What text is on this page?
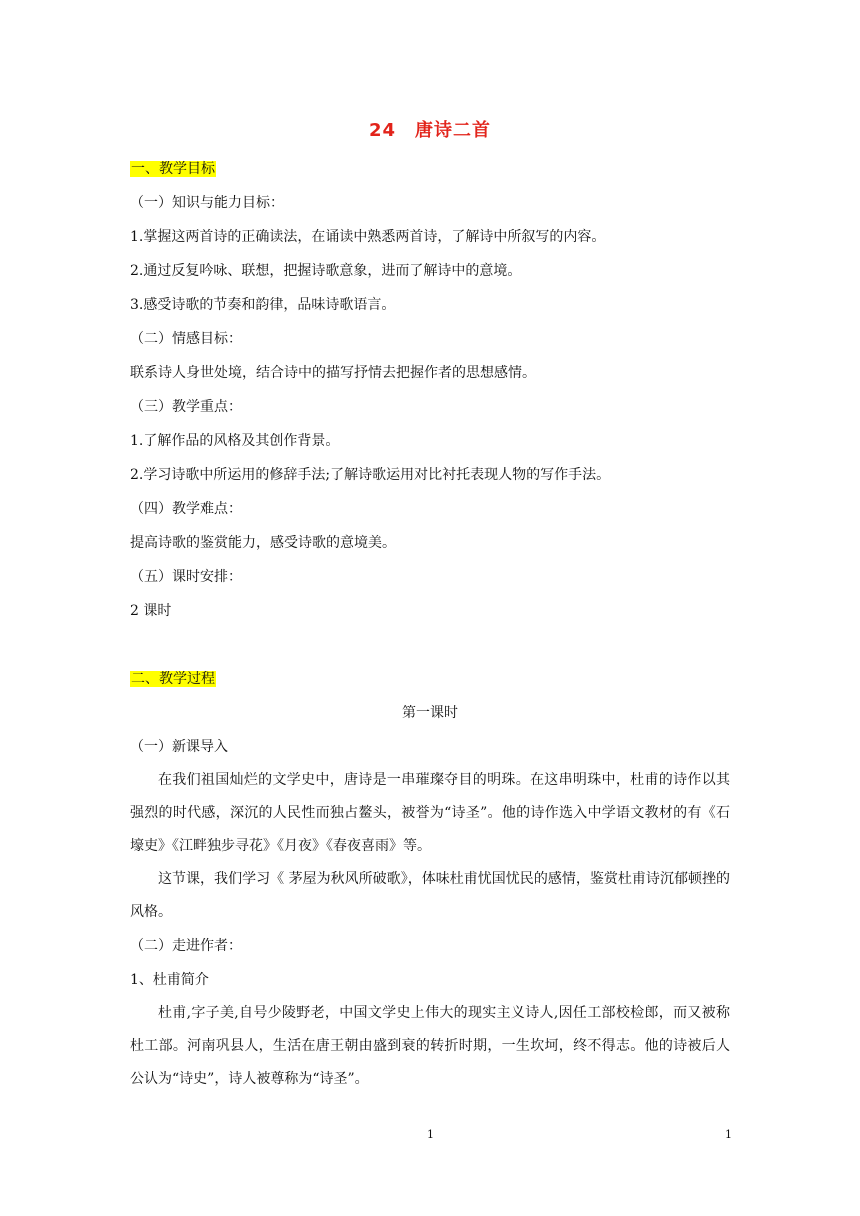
24　唐诗二首
一、教学目标
（一）知识与能力目标：
1.掌握这两首诗的正确读法，在诵读中熟悉两首诗，了解诗中所叙写的内容。
2.通过反复吟咏、联想，把握诗歌意象，进而了解诗中的意境。
3.感受诗歌的节奏和韵律，品味诗歌语言。
（二）情感目标：
联系诗人身世处境，结合诗中的描写抒情去把握作者的思想感情。
（三）教学重点：
1.了解作品的风格及其创作背景。
2.学习诗歌中所运用的修辞手法;了解诗歌运用对比衬托表现人物的写作手法。
（四）教学难点：
提高诗歌的鉴赏能力，感受诗歌的意境美。
（五）课时安排：
2 课时
二、教学过程
第一课时
（一）新课导入

在我们祖国灿烂的文学史中，唐诗是一串璀璨夺目的明珠。在这串明珠中，杜甫的诗作以其强烈的时代感，深沉的人民性而独占鳌头，被誉为“诗圣”。他的诗作选入中学语文教材的有《石壕吏》《江畔独步寻花》《月夜》《春夜喜雨》等。

这节课，我们学习《 茅屋为秋风所破歌》，体味杜甫忧国忧民的感情，鉴赏杜甫诗沉郁顿挫的风格。

（二）走进作者：
1、杜甫简介

杜甫,字子美,自号少陵野老，中国文学史上伟大的现实主义诗人,因任工部校检郎，而又被称杜工部。河南巩县人，生活在唐王朝由盛到衰的转折时期，一生坎坷，终不得志。他的诗被后人公认为“诗史”，诗人被尊称为“诗圣”。

1	1
